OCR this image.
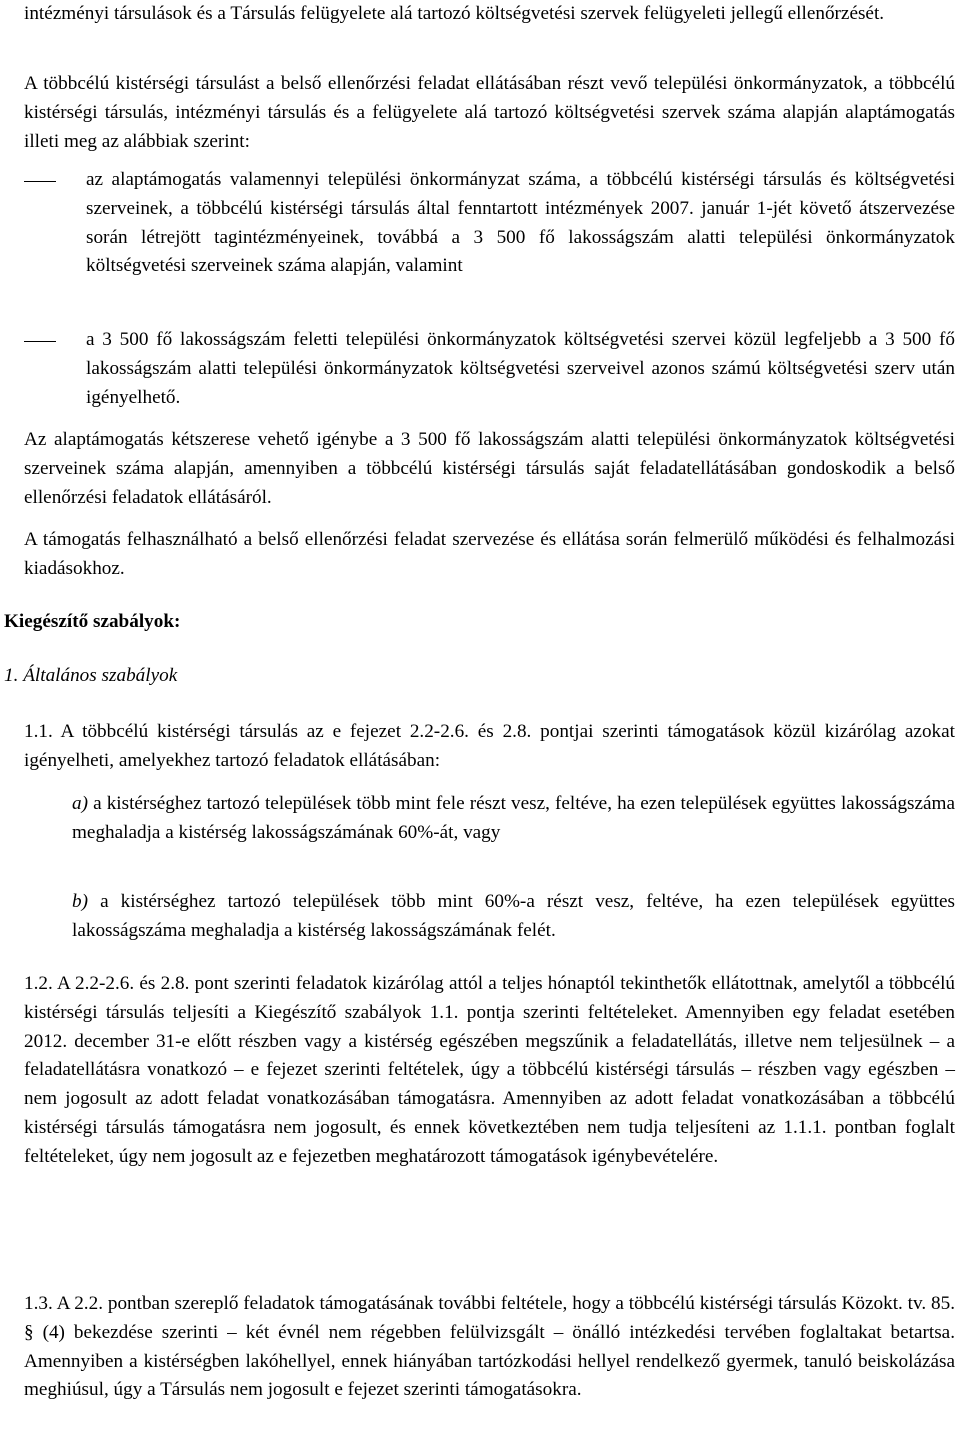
intézményi társulások és a Társulás felügyelete alá tartozó költségvetési szervek felügyeleti jellegű ellenőrzését.
A többcélú kistérségi társulást a belső ellenőrzési feladat ellátásában részt vevő települési önkormányzatok, a többcélú kistérségi társulás, intézményi társulás és a felügyelete alá tartozó költségvetési szervek száma alapján alaptámogatás illeti meg az alábbiak szerint:
az alaptámogatás valamennyi települési önkormányzat száma, a többcélú kistérségi társulás és költségvetési szerveinek, a többcélú kistérségi társulás által fenntartott intézmények 2007. január 1-jét követő átszervezése során létrejött tagintézményeinek, továbbá a 3 500 fő lakosságszám alatti települési önkormányzatok költségvetési szerveinek száma alapján, valamint
a 3 500 fő lakosságszám feletti települési önkormányzatok költségvetési szervei közül legfeljebb a 3 500 fő lakosságszám alatti települési önkormányzatok költségvetési szerveivel azonos számú költségvetési szerv után igényelhető.
Az alaptámogatás kétszerese vehető igénybe a 3 500 fő lakosságszám alatti települési önkormányzatok költségvetési szerveinek száma alapján, amennyiben a többcélú kistérségi társulás saját feladatellátásában gondoskodik a belső ellenőrzési feladatok ellátásáról.
A támogatás felhasználható a belső ellenőrzési feladat szervezése és ellátása során felmerülő működési és felhalmozási kiadásokhoz.
Kiegészítő szabályok:
1. Általános szabályok
1.1. A többcélú kistérségi társulás az e fejezet 2.2-2.6. és 2.8. pontjai szerinti támogatások közül kizárólag azokat igényelheti, amelyekhez tartozó feladatok ellátásában:
a) a kistérséghez tartozó települések több mint fele részt vesz, feltéve, ha ezen települések együttes lakosságszáma meghaladja a kistérség lakosságszámának 60%-át, vagy
b) a kistérséghez tartozó települések több mint 60%-a részt vesz, feltéve, ha ezen települések együttes lakosságszáma meghaladja a kistérség lakosságszámának felét.
1.2. A 2.2-2.6. és 2.8. pont szerinti feladatok kizárólag attól a teljes hónaptól tekinthetők ellátottnak, amelytől a többcélú kistérségi társulás teljesíti a Kiegészítő szabályok 1.1. pontja szerinti feltételeket. Amennyiben egy feladat esetében 2012. december 31-e előtt részben vagy a kistérség egészében megszűnik a feladatellátás, illetve nem teljesülnek – a feladatellátásra vonatkozó – e fejezet szerinti feltételek, úgy a többcélú kistérségi társulás – részben vagy egészben – nem jogosult az adott feladat vonatkozásában támogatásra. Amennyiben az adott feladat vonatkozásában a többcélú kistérségi társulás támogatásra nem jogosult, és ennek következtében nem tudja teljesíteni az 1.1.1. pontban foglalt feltételeket, úgy nem jogosult az e fejezetben meghatározott támogatások igénybevételére.
1.3. A 2.2. pontban szereplő feladatok támogatásának további feltétele, hogy a többcélú kistérségi társulás Közokt. tv. 85. § (4) bekezdése szerinti – két évnél nem régebben felülvizsgált – önálló intézkedési tervében foglaltakat betartsa. Amennyiben a kistérségben lakóhellyel, ennek hiányában tartózkodási hellyel rendelkező gyermek, tanuló beiskolázása meghiúsul, úgy a Társulás nem jogosult e fejezet szerinti támogatásokra.
